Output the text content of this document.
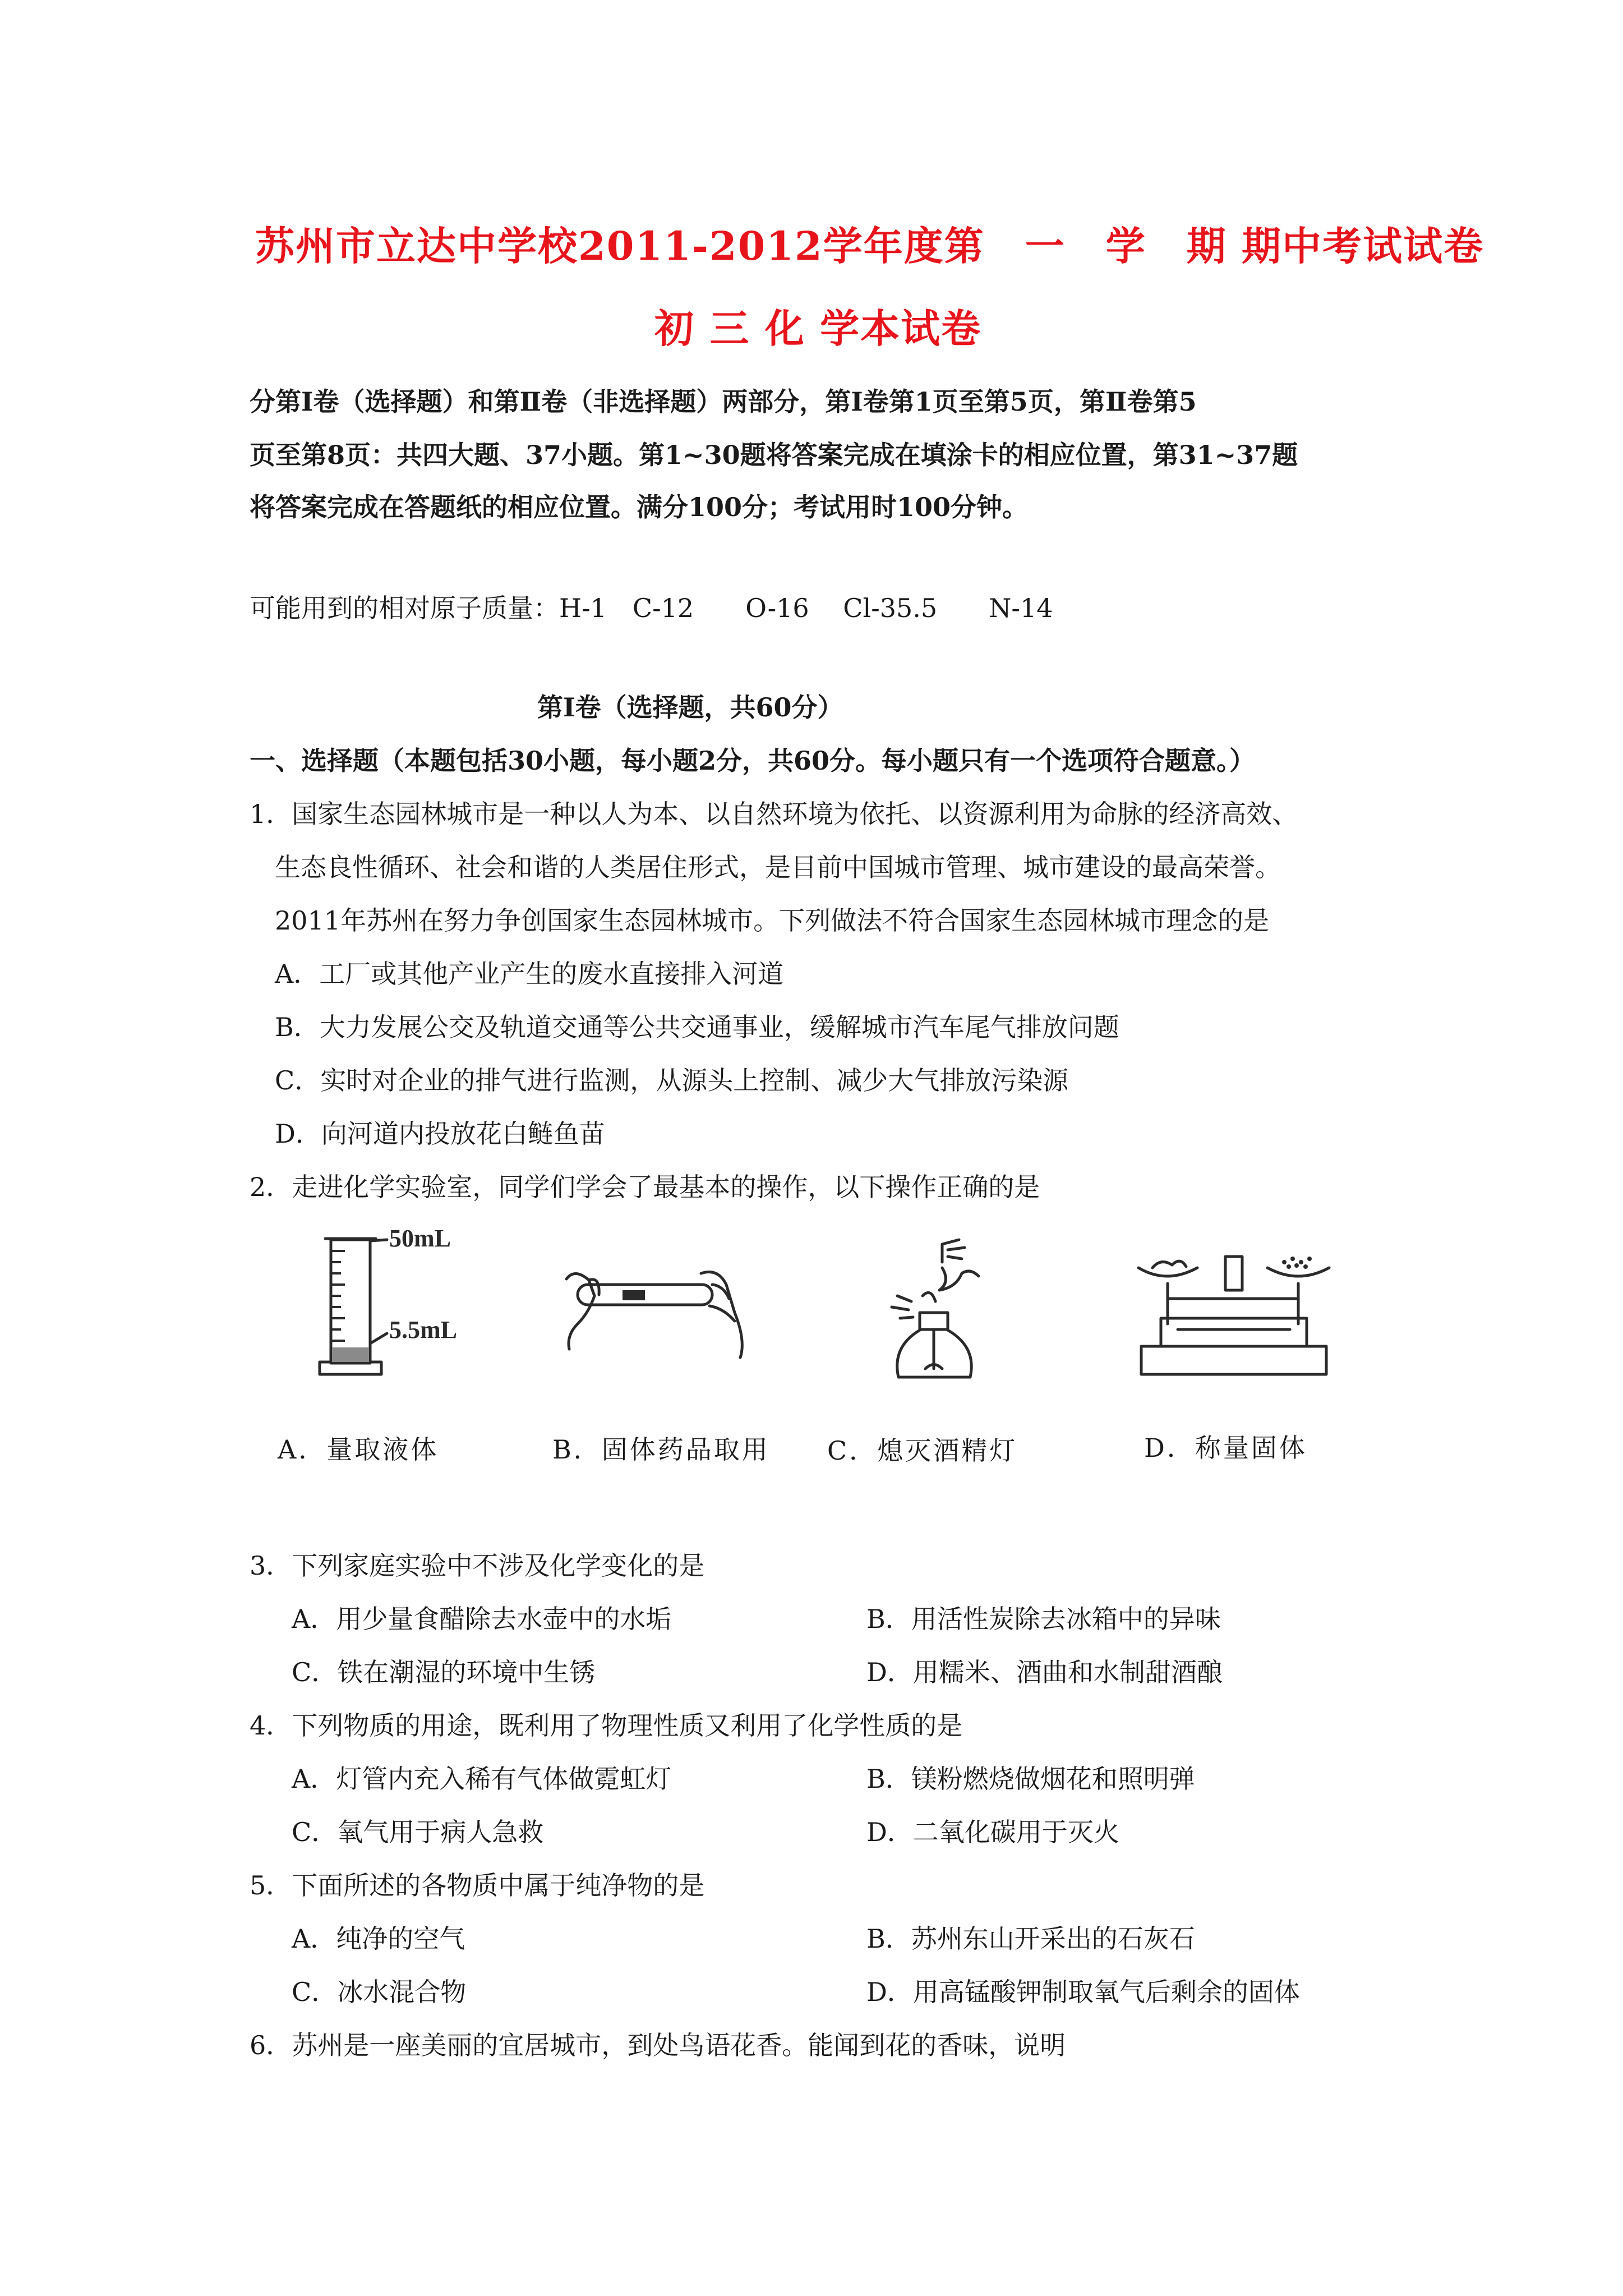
苏州市立达中学校2011-2012学年度第　一　学　期 期中考试试卷
初 三 化 学本试卷
分第Ⅰ卷（选择题）和第Ⅱ卷（非选择题）两部分，第Ⅰ卷第1页至第5页，第Ⅱ卷第5
页至第8页：共四大题、37小题。第1~30题将答案完成在填涂卡的相应位置，第31~37题
将答案完成在答题纸的相应位置。满分100分；考试用时100分钟。
可能用到的相对原子质量：H-1　C-12　　O-16　 Cl-35.5　　N-14
第Ⅰ卷（选择题，共60分）
一、选择题（本题包括30小题，每小题2分，共60分。每小题只有一个选项符合题意。）
1．国家生态园林城市是一种以人为本、以自然环境为依托、以资源利用为命脉的经济高效、
生态良性循环、社会和谐的人类居住形式，是目前中国城市管理、城市建设的最高荣誉。
2011年苏州在努力争创国家生态园林城市。下列做法不符合国家生态园林城市理念的是
A．工厂或其他产业产生的废水直接排入河道
B．大力发展公交及轨道交通等公共交通事业，缓解城市汽车尾气排放问题
C．实时对企业的排气进行监测，从源头上控制、减少大气排放污染源
D．向河道内投放花白鲢鱼苗
2．走进化学实验室，同学们学会了最基本的操作，以下操作正确的是
50mL
5.5mL
A．量取液体	B．固体药品取用 C．熄灭酒精灯	D．称量固体
3．下列家庭实验中不涉及化学变化的是
A．用少量食醋除去水壶中的水垢	B．用活性炭除去冰箱中的异味
C．铁在潮湿的环境中生锈	D．用糯米、酒曲和水制甜酒酿
4．下列物质的用途，既利用了物理性质又利用了化学性质的是
A．灯管内充入稀有气体做霓虹灯	B．镁粉燃烧做烟花和照明弹
C．氧气用于病人急救	D．二氧化碳用于灭火
5．下面所述的各物质中属于纯净物的是
A．纯净的空气	B．苏州东山开采出的石灰石
C．冰水混合物	D．用高锰酸钾制取氧气后剩余的固体
6．苏州是一座美丽的宜居城市，到处鸟语花香。能闻到花的香味，说明
